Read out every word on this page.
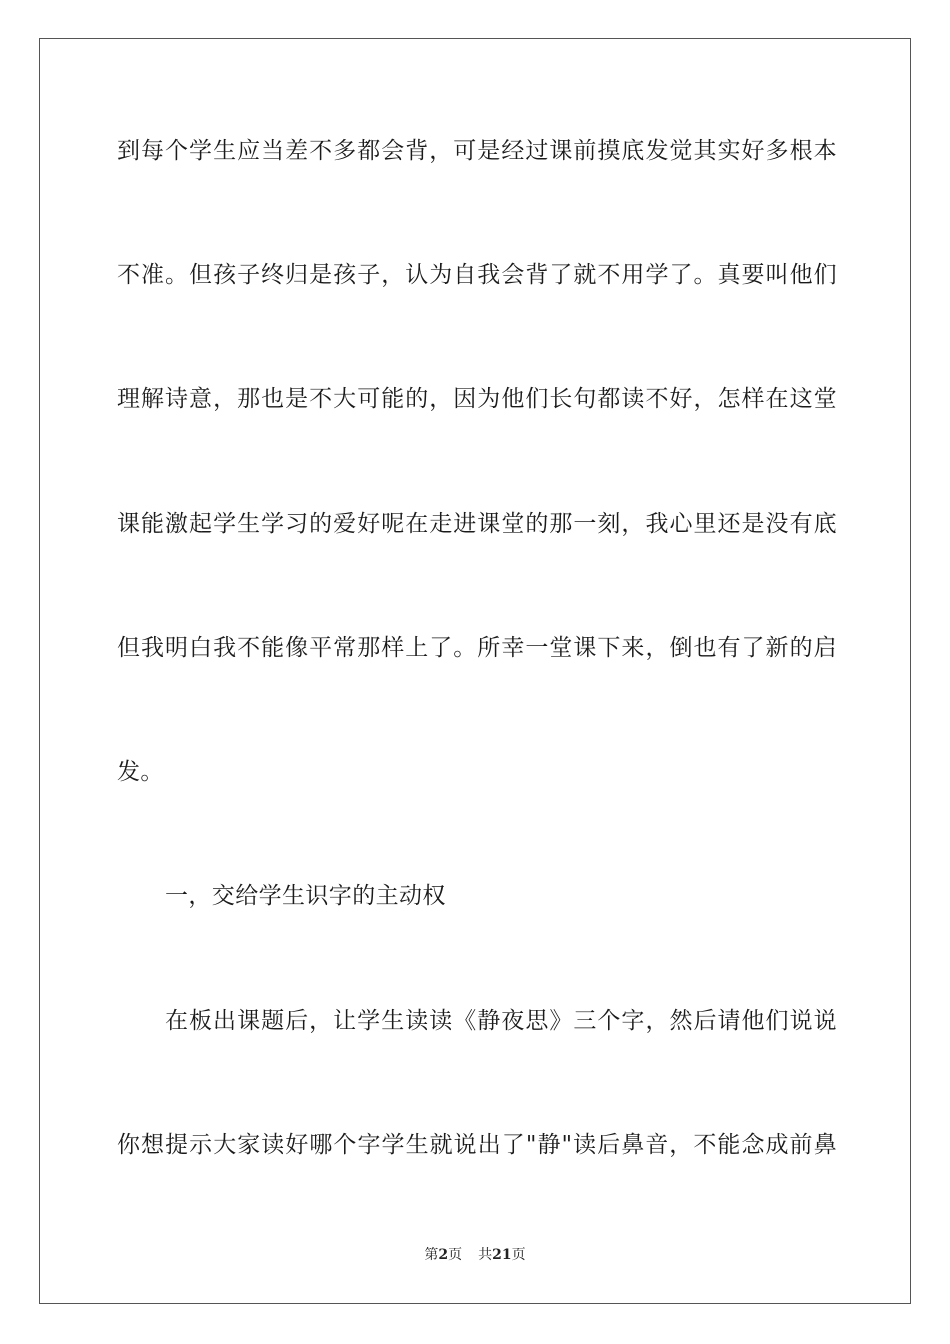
到每个学生应当差不多都会背，可是经过课前摸底发觉其实好多根本
不准。但孩子终归是孩子，认为自我会背了就不用学了。真要叫他们
理解诗意，那也是不大可能的，因为他们长句都读不好，怎样在这堂
课能激起学生学习的爱好呢在走进课堂的那一刻，我心里还是没有底
但我明白我不能像平常那样上了。所幸一堂课下来，倒也有了新的启
发。
一，交给学生识字的主动权
在板出课题后，让学生读读《静夜思》三个字，然后请他们说说
你想提示大家读好哪个字学生就说出了"静"读后鼻音，不能念成前鼻
第2页 共21页
